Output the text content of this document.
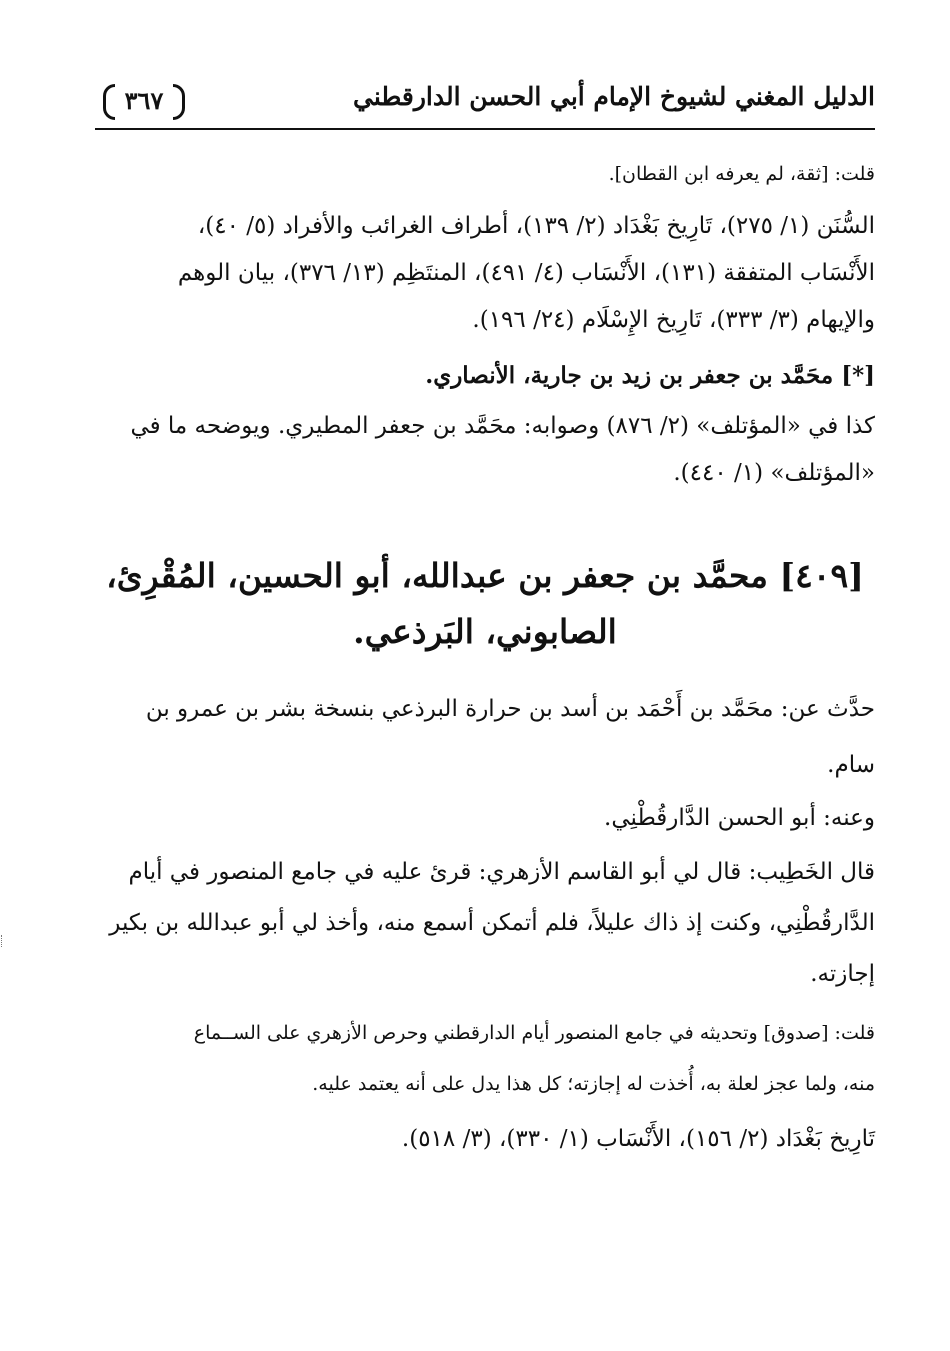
الدليل المغني لشيوخ الإمام أبي الحسن الدارقطني
٣٦٧
قلت: [ثقة، لم يعرفه ابن القطان].
السُّنَن (١/ ٢٧٥)، تَارِيخ بَغْدَاد (٢/ ١٣٩)، أطراف الغرائب والأفراد (٥/ ٤٠)،
الأَنْسَاب المتفقة (١٣١)، الأَنْسَاب (٤/ ٤٩١)، المنتَظِم (١٣/ ٣٧٦)، بيان الوهم
والإيهام (٣/ ٣٣٣)، تَارِيخ الإِسْلَام (٢٤/ ١٩٦).
[*] محَمَّد بن جعفر بن زيد بن جارية، الأنصاري.
كذا في «المؤتلف» (٢/ ٨٧٦) وصوابه: محَمَّد بن جعفر المطيري. ويوضحه ما في
«المؤتلف» (١/ ٤٤٠).
[٤٠٩] محمَّد بن جعفر بن عبدالله، أبو الحسين، المُقْرِئ،
الصابوني، البَرذعي.
حدَّث عن: محَمَّد بن أَحْمَد بن أسد بن حرارة البرذعي بنسخة بشر بن عمرو بن
سام.
وعنه: أبو الحسن الدَّارقُطْنِي.
قال الخَطِيب: قال لي أبو القاسم الأزهري: قرئ عليه في جامع المنصور في أيام
الدَّارقُطْنِي، وكنت إذ ذاك عليلاً، فلم أتمكن أسمع منه، وأخذ لي أبو عبدالله بن بكير
إجازته.
قلت: [صدوق] وتحديثه في جامع المنصور أيام الدارقطني وحرص الأزهري على الســماع
منه، ولما عجز لعلة به، أُخذت له إجازته؛ كل هذا يدل على أنه يعتمد عليه.
تَارِيخ بَغْدَاد (٢/ ١٥٦)، الأَنْسَاب (١/ ٣٣٠)، (٣/ ٥١٨).
